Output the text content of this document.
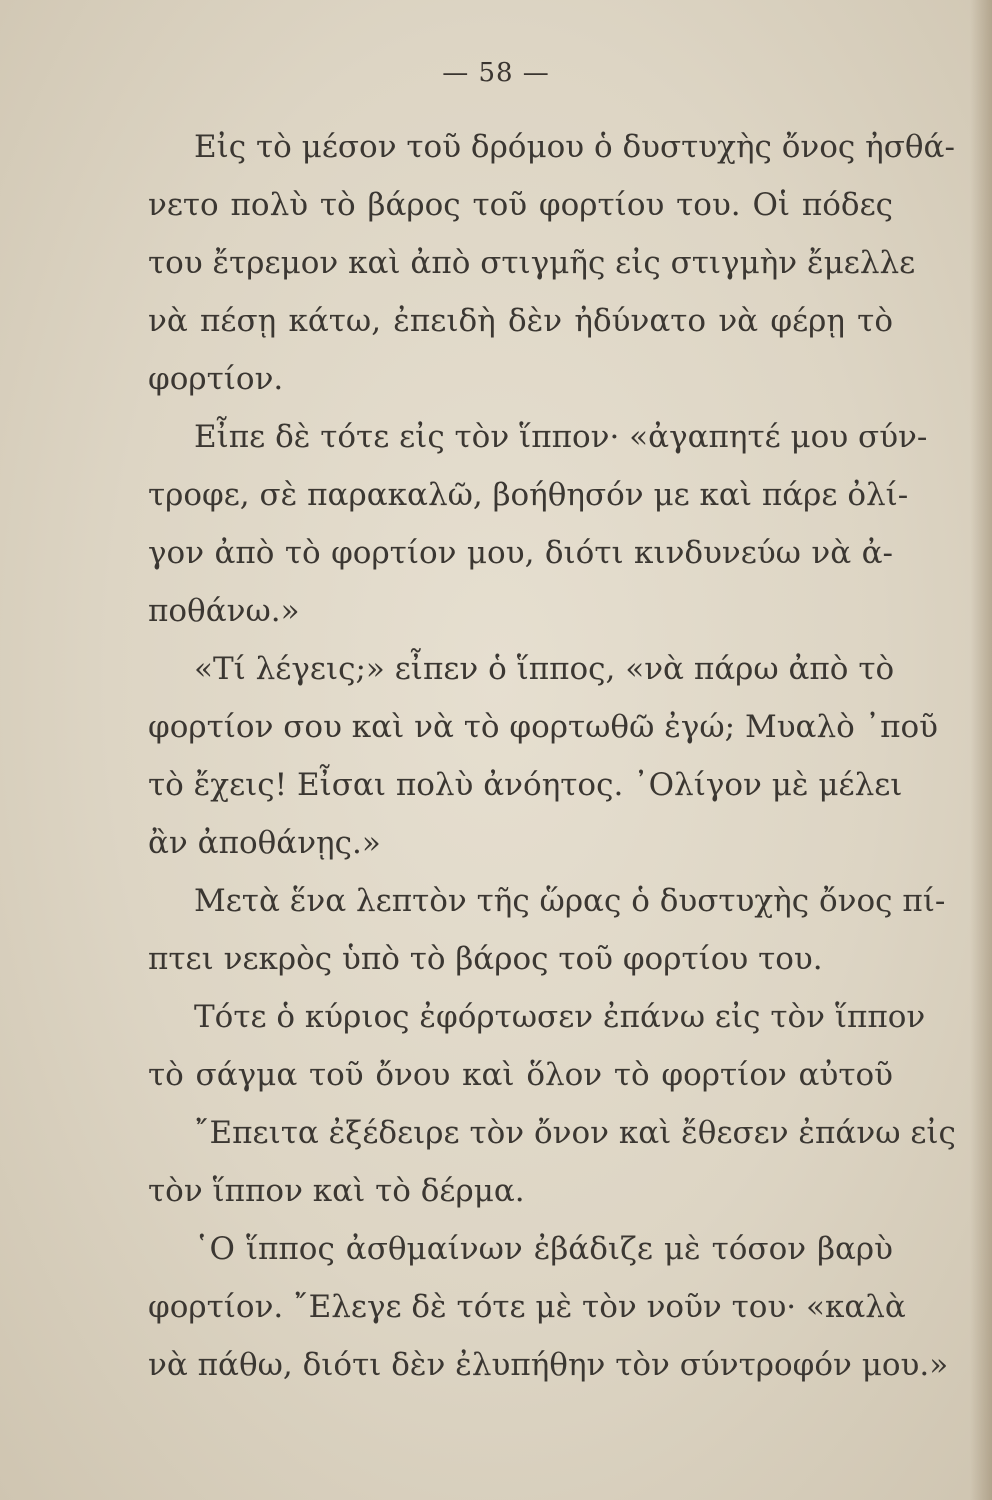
— 58 —
Εἰς τὸ μέσον τοῦ δρόμου ὁ δυστυχὴς ὄνος ἠσθά-
νετο πολὺ τὸ βάρος τοῦ φορτίου του. Οἱ πόδες
του ἔτρεμον καὶ ἀπὸ στιγμῆς εἰς στιγμὴν ἔμελλε
νὰ πέσῃ κάτω, ἐπειδὴ δὲν ἠδύνατο νὰ φέρῃ τὸ
φορτίον.
Εἶπε δὲ τότε εἰς τὸν ἵππον· «ἀγαπητέ μου σύν-
τροφε, σὲ παρακαλῶ, βοήθησόν με καὶ πάρε ὀλί-
γον ἀπὸ τὸ φορτίον μου, διότι κινδυνεύω νὰ ἀ-
ποθάνω.»
«Τί λέγεις;» εἶπεν ὁ ἵππος, «νὰ πάρω ἀπὸ τὸ
φορτίον σου καὶ νὰ τὸ φορτωθῶ ἐγώ; Μυαλὸ ᾽ποῦ
τὸ ἔχεις! Εἶσαι πολὺ ἀνόητος. ᾽Ολίγον μὲ μέλει
ἂν ἀποθάνῃς.»
Μετὰ ἕνα λεπτὸν τῆς ὥρας ὁ δυστυχὴς ὄνος πί-
πτει νεκρὸς ὑπὸ τὸ βάρος τοῦ φορτίου του.
Τότε ὁ κύριος ἐφόρτωσεν ἐπάνω εἰς τὸν ἵππον
τὸ σάγμα τοῦ ὄνου καὶ ὅλον τὸ φορτίον αὐτοῦ
῎Επειτα ἐξέδειρε τὸν ὄνον καὶ ἔθεσεν ἐπάνω εἰς
τὸν ἵππον καὶ τὸ δέρμα.
῾Ο ἵππος ἀσθμαίνων ἐβάδιζε μὲ τόσον βαρὺ
φορτίον. ῎Ελεγε δὲ τότε μὲ τὸν νοῦν του· «καλὰ
νὰ πάθω, διότι δὲν ἐλυπήθην τὸν σύντροφόν μου.»
